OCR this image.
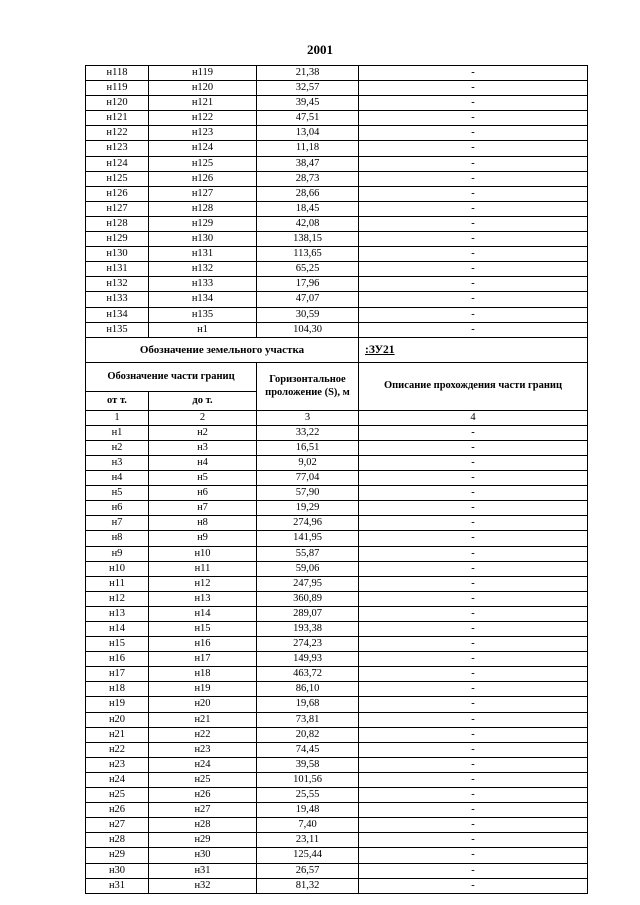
2001
н118	н119	21,38	-
н119	н120	32,57	-
н120	н121	39,45	-
н121	н122	47,51	-
н122	н123	13,04	-
н123	н124	11,18	-
н124	н125	38,47	-
н125	н126	28,73	-
н126	н127	28,66	-
н127	н128	18,45	-
н128	н129	42,08	-
н129	н130	138,15	-
н130	н131	113,65	-
н131	н132	65,25	-
н132	н133	17,96	-
н133	н134	47,07	-
н134	н135	30,59	-
н135	н1	104,30	-
Обозначение земельного участка			:ЗУ21
Обозначение части границ		Горизонтальное проложение (S), м	Описание прохождения части границ
от т.	до т.		
1	2	3	4
н1	н2	33,22	-
н2	н3	16,51	-
н3	н4	9,02	-
н4	н5	77,04	-
н5	н6	57,90	-
н6	н7	19,29	-
н7	н8	274,96	-
н8	н9	141,95	-
н9	н10	55,87	-
н10	н11	59,06	-
н11	н12	247,95	-
н12	н13	360,89	-
н13	н14	289,07	-
н14	н15	193,38	-
н15	н16	274,23	-
н16	н17	149,93	-
н17	н18	463,72	-
н18	н19	86,10	-
н19	н20	19,68	-
н20	н21	73,81	-
н21	н22	20,82	-
н22	н23	74,45	-
н23	н24	39,58	-
н24	н25	101,56	-
н25	н26	25,55	-
н26	н27	19,48	-
н27	н28	7,40	-
н28	н29	23,11	-
н29	н30	125,44	-
н30	н31	26,57	-
н31	н32	81,32	-
